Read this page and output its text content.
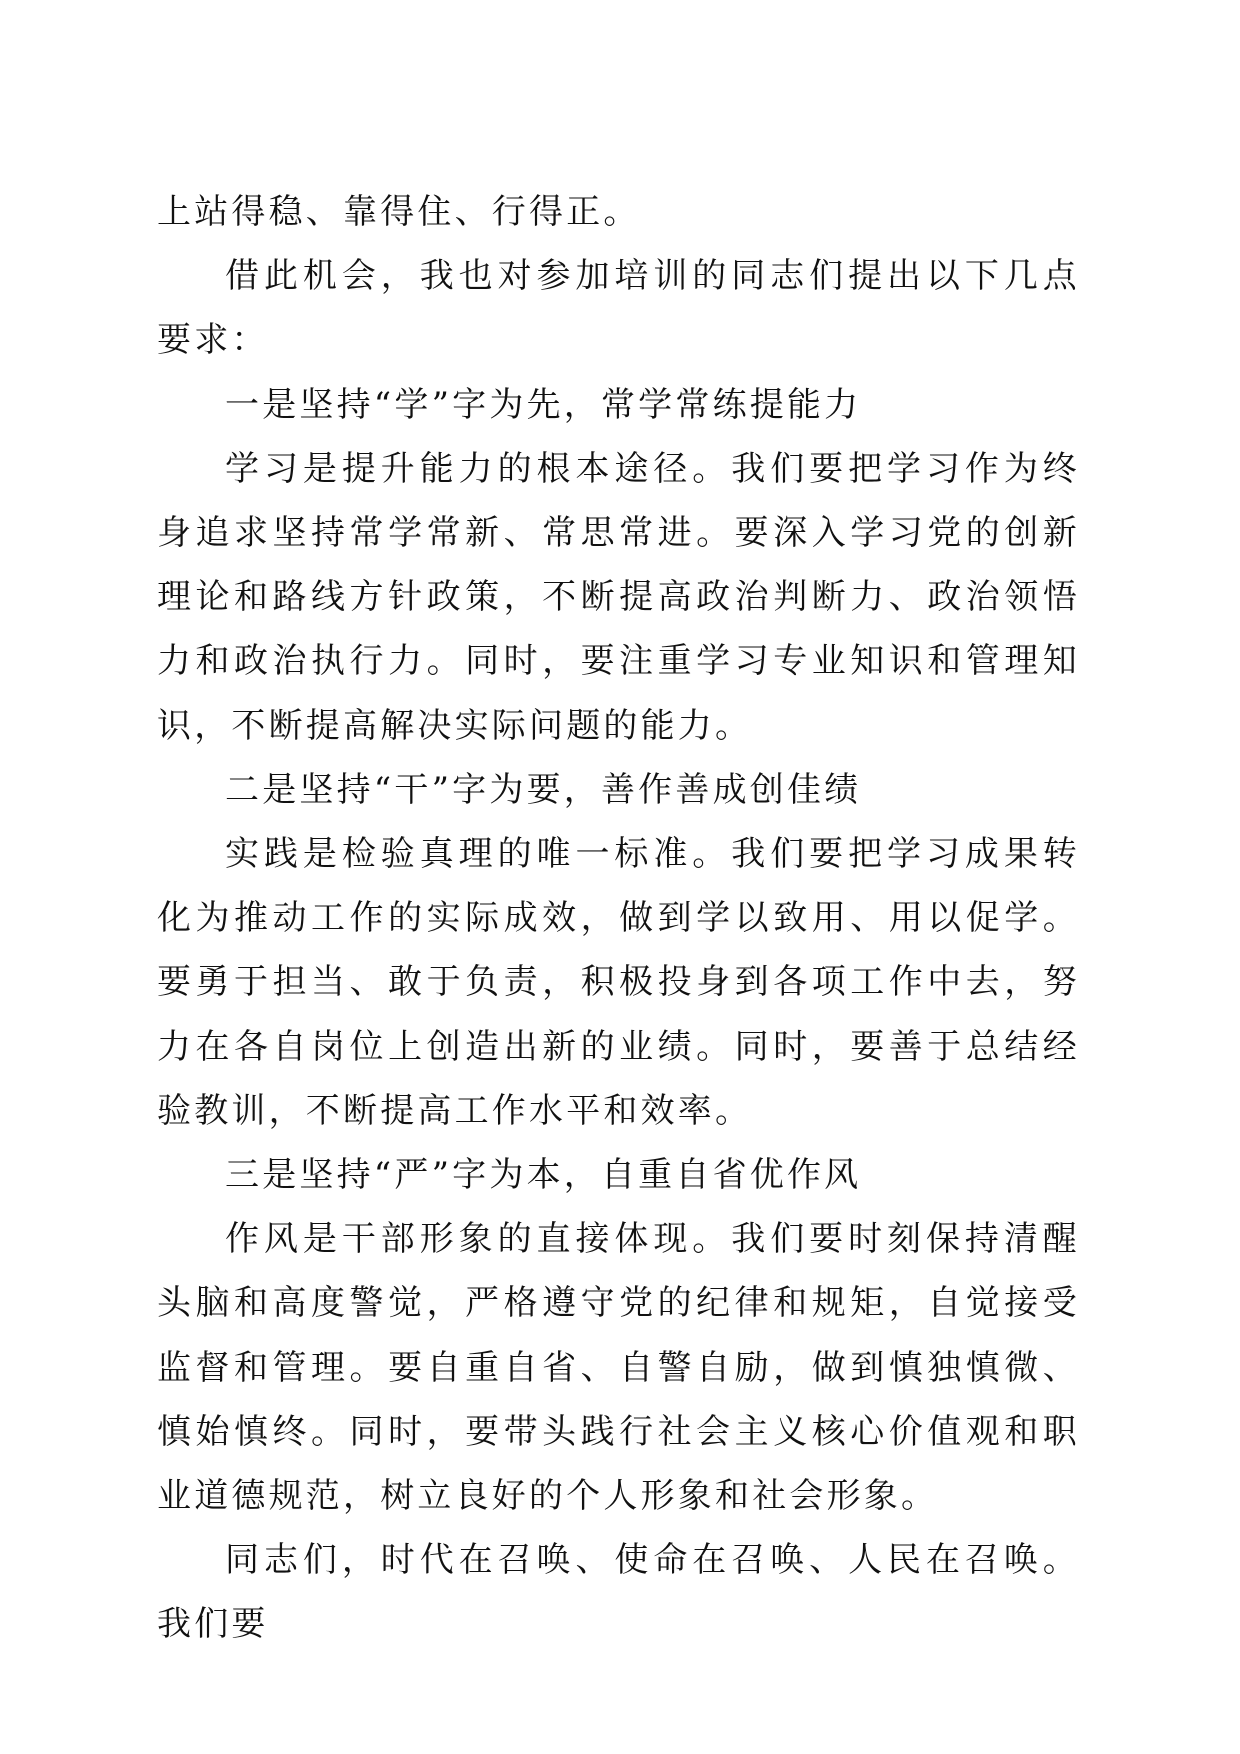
上站得稳、靠得住、行得正。

借此机会，我也对参加培训的同志们提出以下几点要求：

一是坚持“学”字为先，常学常练提能力

学习是提升能力的根本途径。我们要把学习作为终身追求坚持常学常新、常思常进。要深入学习党的创新理论和路线方针政策，不断提高政治判断力、政治领悟力和政治执行力。同时，要注重学习专业知识和管理知识，不断提高解决实际问题的能力。

二是坚持“干”字为要，善作善成创佳绩

实践是检验真理的唯一标准。我们要把学习成果转化为推动工作的实际成效，做到学以致用、用以促学。要勇于担当、敢于负责，积极投身到各项工作中去，努力在各自岗位上创造出新的业绩。同时，要善于总结经验教训，不断提高工作水平和效率。

三是坚持“严”字为本，自重自省优作风

作风是干部形象的直接体现。我们要时刻保持清醒头脑和高度警觉，严格遵守党的纪律和规矩，自觉接受监督和管理。要自重自省、自警自励，做到慎独慎微、慎始慎终。同时，要带头践行社会主义核心价值观和职业道德规范，树立良好的个人形象和社会形象。

同志们，时代在召唤、使命在召唤、人民在召唤。我们要
